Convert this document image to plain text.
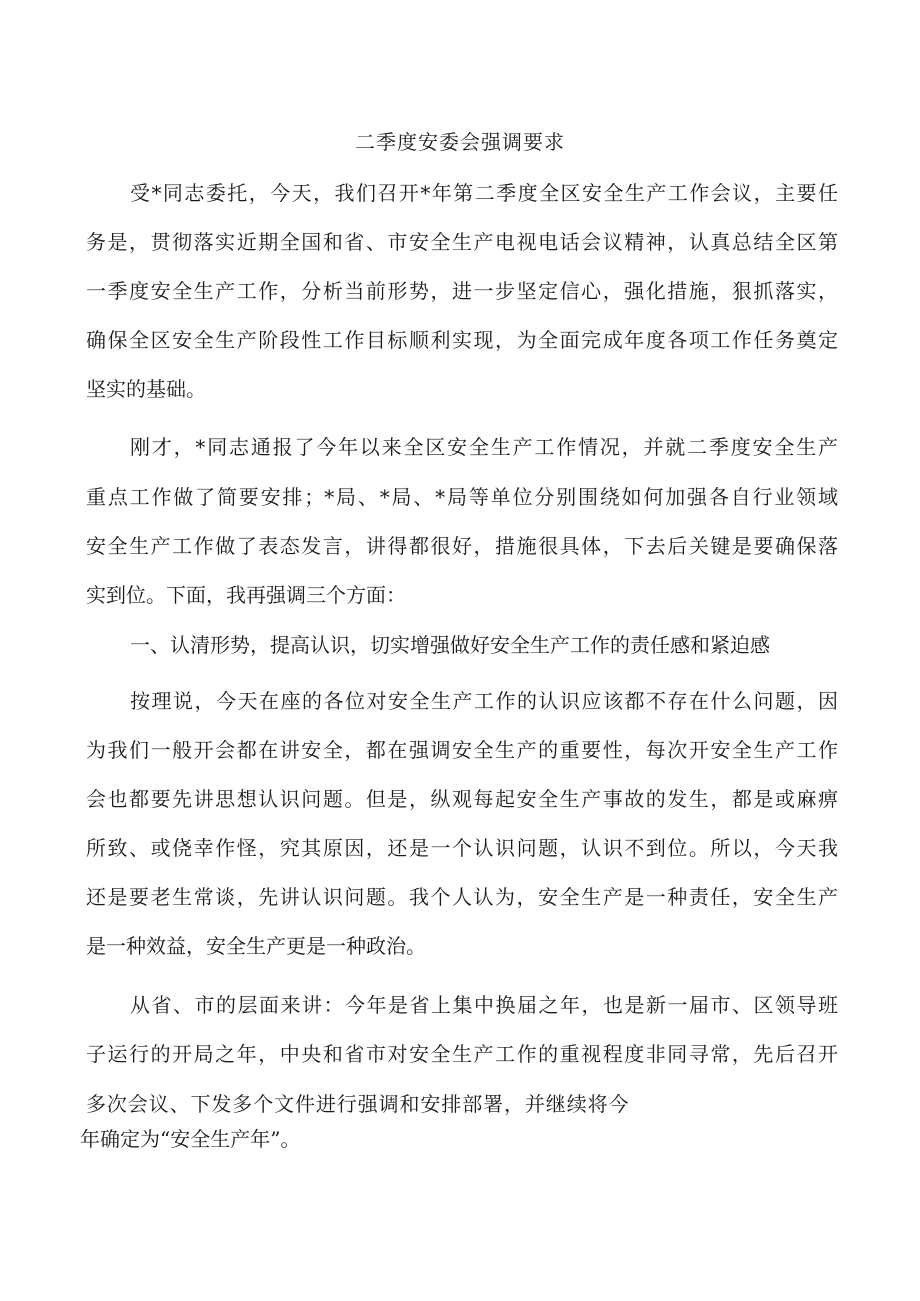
二季度安委会强调要求
受*同志委托，今天，我们召开*年第二季度全区安全生产工作会议，主要任
务是，贯彻落实近期全国和省、市安全生产电视电话会议精神，认真总结全区第
一季度安全生产工作，分析当前形势，进一步坚定信心，强化措施，狠抓落实，
确保全区安全生产阶段性工作目标顺利实现，为全面完成年度各项工作任务奠定
坚实的基础。
刚才，*同志通报了今年以来全区安全生产工作情况，并就二季度安全生产
重点工作做了简要安排；*局、*局、*局等单位分别围绕如何加强各自行业领域
安全生产工作做了表态发言，讲得都很好，措施很具体，下去后关键是要确保落
实到位。下面，我再强调三个方面：
一、认清形势，提高认识，切实增强做好安全生产工作的责任感和紧迫感
按理说，今天在座的各位对安全生产工作的认识应该都不存在什么问题，因
为我们一般开会都在讲安全，都在强调安全生产的重要性，每次开安全生产工作
会也都要先讲思想认识问题。但是，纵观每起安全生产事故的发生，都是或麻痹
所致、或侥幸作怪，究其原因，还是一个认识问题，认识不到位。所以，今天我
还是要老生常谈，先讲认识问题。我个人认为，安全生产是一种责任，安全生产
是一种效益，安全生产更是一种政治。
从省、市的层面来讲：今年是省上集中换届之年，也是新一届市、区领导班
子运行的开局之年，中央和省市对安全生产工作的重视程度非同寻常，先后召开
多次会议、下发多个文件进行强调和安排部署，并继续将今
年确定为“安全生产年”。
